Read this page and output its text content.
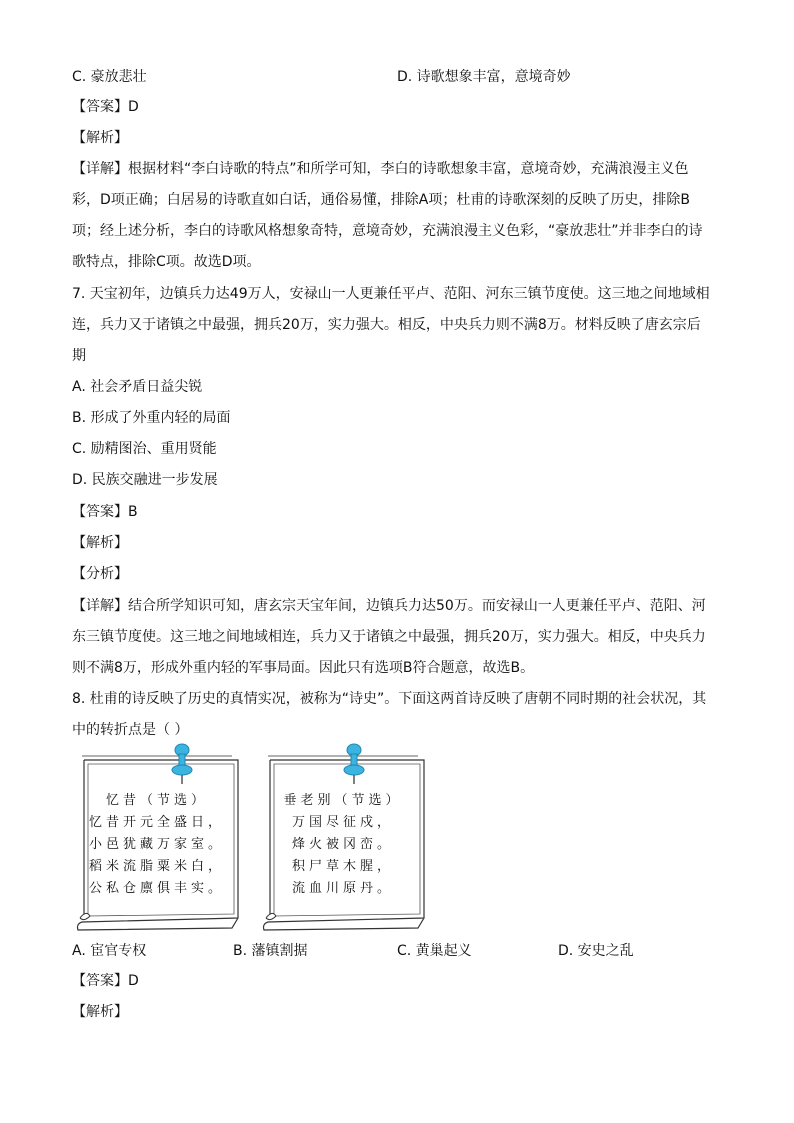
C. 豪放悲壮	D. 诗歌想象丰富，意境奇妙
【答案】D
【解析】
【详解】根据材料“李白诗歌的特点”和所学可知，李白的诗歌想象丰富，意境奇妙，充满浪漫主义色
彩，D项正确；白居易的诗歌直如白话，通俗易懂，排除A项；杜甫的诗歌深刻的反映了历史，排除B
项；经上述分析，李白的诗歌风格想象奇特，意境奇妙，充满浪漫主义色彩，“豪放悲壮”并非李白的诗
歌特点，排除C项。故选D项。
7. 天宝初年，边镇兵力达49万人，安禄山一人更兼任平卢、范阳、河东三镇节度使。这三地之间地域相
连，兵力又于诸镇之中最强，拥兵20万，实力强大。相反，中央兵力则不满8万。材料反映了唐玄宗后
期
A. 社会矛盾日益尖锐
B. 形成了外重内轻的局面
C. 励精图治、重用贤能
D. 民族交融进一步发展
【答案】B
【解析】
【分析】
【详解】结合所学知识可知，唐玄宗天宝年间，边镇兵力达50万。而安禄山一人更兼任平卢、范阳、河
东三镇节度使。这三地之间地域相连，兵力又于诸镇之中最强，拥兵20万，实力强大。相反，中央兵力
则不满8万，形成外重内轻的军事局面。因此只有选项B符合题意，故选B。
8. 杜甫的诗反映了历史的真情实况，被称为“诗史”。下面这两首诗反映了唐朝不同时期的社会状况，其
中的转折点是（ ）
忆昔（节选）
忆昔开元全盛日，
小邑犹藏万家室。
稻米流脂粟米白，
公私仓廪俱丰实。
垂老别（节选）
万国尽征戍，
烽火被冈峦。
积尸草木腥，
流血川原丹。
A. 宦官专权	B. 藩镇割据	C. 黄巢起义	D. 安史之乱
【答案】D
【解析】
